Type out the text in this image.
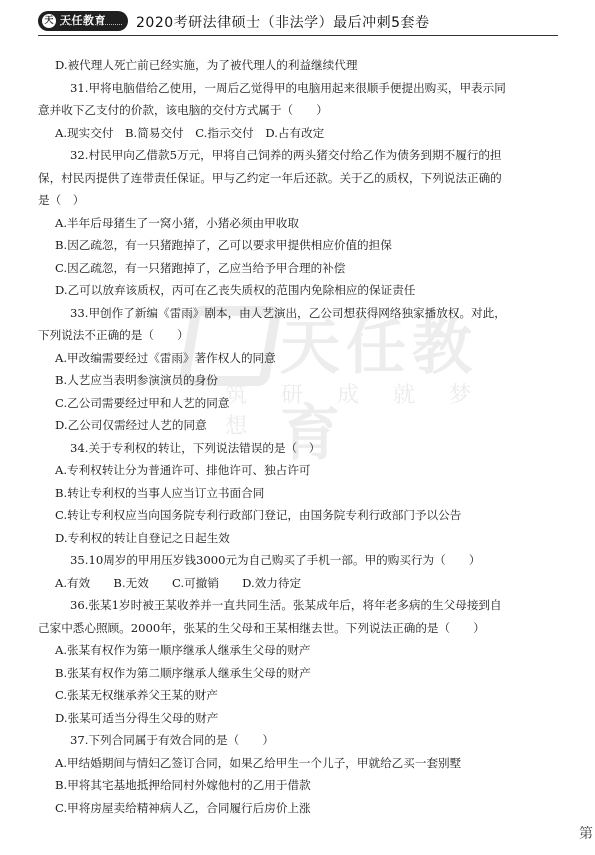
天 天任教育 2020考研法律硕士（非法学）最后冲刺5套卷
天任教育
筑研成就梦想
D.被代理人死亡前已经实施，为了被代理人的利益继续代理
31.甲将电脑借给乙使用，一周后乙觉得甲的电脑用起来很顺手便提出购买，甲表示同
意并收下乙支付的价款，该电脑的交付方式属于（　　）
A.现实交付　B.简易交付　C.指示交付　D.占有改定
32.村民甲向乙借款5万元，甲将自己饲养的两头猪交付给乙作为债务到期不履行的担
保，村民丙提供了连带责任保证。甲与乙约定一年后还款。关于乙的质权，下列说法正确的
是（　）
A.半年后母猪生了一窝小猪，小猪必须由甲收取
B.因乙疏忽，有一只猪跑掉了，乙可以要求甲提供相应价值的担保
C.因乙疏忽，有一只猪跑掉了，乙应当给予甲合理的补偿
D.乙可以放弃该质权，丙可在乙丧失质权的范围内免除相应的保证责任
33.甲创作了新编《雷雨》剧本，由人艺演出，乙公司想获得网络独家播放权。对此，
下列说法不正确的是（　　）
A.甲改编需要经过《雷雨》著作权人的同意
B.人艺应当表明参演演员的身份
C.乙公司需要经过甲和人艺的同意
D.乙公司仅需经过人艺的同意
34.关于专利权的转让，下列说法错误的是（　）
A.专利权转让分为普通许可、排他许可、独占许可
B.转让专利权的当事人应当订立书面合同
C.转让专利权应当向国务院专利行政部门登记，由国务院专利行政部门予以公告
D.专利权的转让自登记之日起生效
35.10周岁的甲用压岁钱3000元为自己购买了手机一部。甲的购买行为（　　）
A.有效　　B.无效　　C.可撤销　　D.效力待定
36.张某1岁时被王某收养并一直共同生活。张某成年后，将年老多病的生父母接到自
己家中悉心照顾。2000年，张某的生父母和王某相继去世。下列说法正确的是（　　）
A.张某有权作为第一顺序继承人继承生父母的财产
B.张某有权作为第二顺序继承人继承生父母的财产
C.张某无权继承养父王某的财产
D.张某可适当分得生父母的财产
37.下列合同属于有效合同的是（　　）
A.甲结婚期间与情妇乙签订合同，如果乙给甲生一个儿子，甲就给乙买一套别墅
B.甲将其宅基地抵押给同村外嫁他村的乙用于借款
C.甲将房屋卖给精神病人乙，合同履行后房价上涨
第
